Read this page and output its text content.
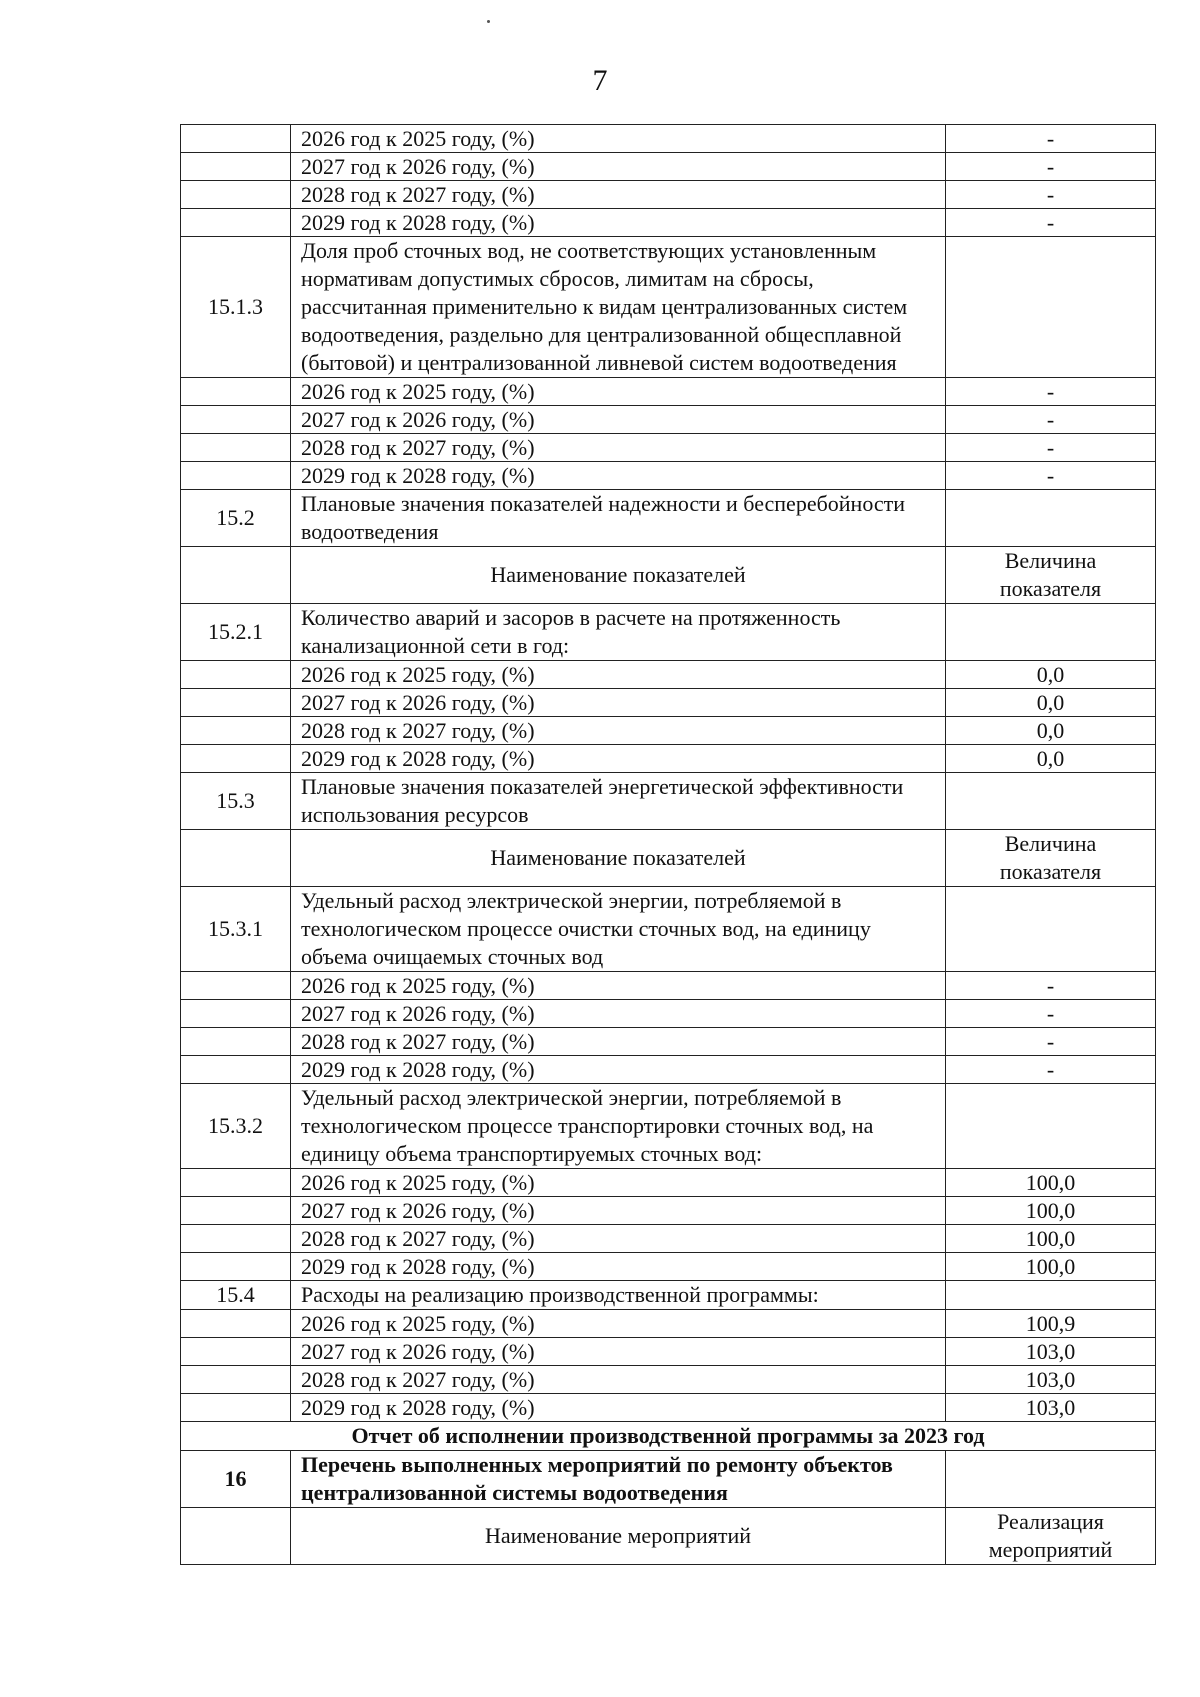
7
	2026 год к 2025 году, (%)	-
	2027 год к 2026 году, (%)	-
	2028 год к 2027 году, (%)	-
	2029 год к 2028 году, (%)	-
15.1.3	Доля проб сточных вод, не соответствующих установленным нормативам допустимых сбросов, лимитам на сбросы, рассчитанная применительно к видам централизованных систем водоотведения, раздельно для централизованной общесплавной (бытовой) и централизованной ливневой систем водоотведения	
	2026 год к 2025 году, (%)	-
	2027 год к 2026 году, (%)	-
	2028 год к 2027 году, (%)	-
	2029 год к 2028 году, (%)	-
15.2	Плановые значения показателей надежности и бесперебойности водоотведения	
	Наименование показателей	Величина показателя
15.2.1	Количество аварий и засоров в расчете на протяженность канализационной сети в год:	
	2026 год к 2025 году, (%)	0,0
	2027 год к 2026 году, (%)	0,0
	2028 год к 2027 году, (%)	0,0
	2029 год к 2028 году, (%)	0,0
15.3	Плановые значения показателей энергетической эффективности использования ресурсов	
	Наименование показателей	Величина показателя
15.3.1	Удельный расход электрической энергии, потребляемой в технологическом процессе очистки сточных вод, на единицу объема очищаемых сточных вод	
	2026 год к 2025 году, (%)	-
	2027 год к 2026 году, (%)	-
	2028 год к 2027 году, (%)	-
	2029 год к 2028 году, (%)	-
15.3.2	Удельный расход электрической энергии, потребляемой в технологическом процессе транспортировки сточных вод, на единицу объема транспортируемых сточных вод:	
	2026 год к 2025 году, (%)	100,0
	2027 год к 2026 году, (%)	100,0
	2028 год к 2027 году, (%)	100,0
	2029 год к 2028 году, (%)	100,0
15.4	Расходы на реализацию производственной программы:	
	2026 год к 2025 году, (%)	100,9
	2027 год к 2026 году, (%)	103,0
	2028 год к 2027 году, (%)	103,0
	2029 год к 2028 году, (%)	103,0
Отчет об исполнении производственной программы за 2023 год		
16	Перечень выполненных мероприятий по ремонту объектов централизованной системы водоотведения	
	Наименование мероприятий	Реализация мероприятий
